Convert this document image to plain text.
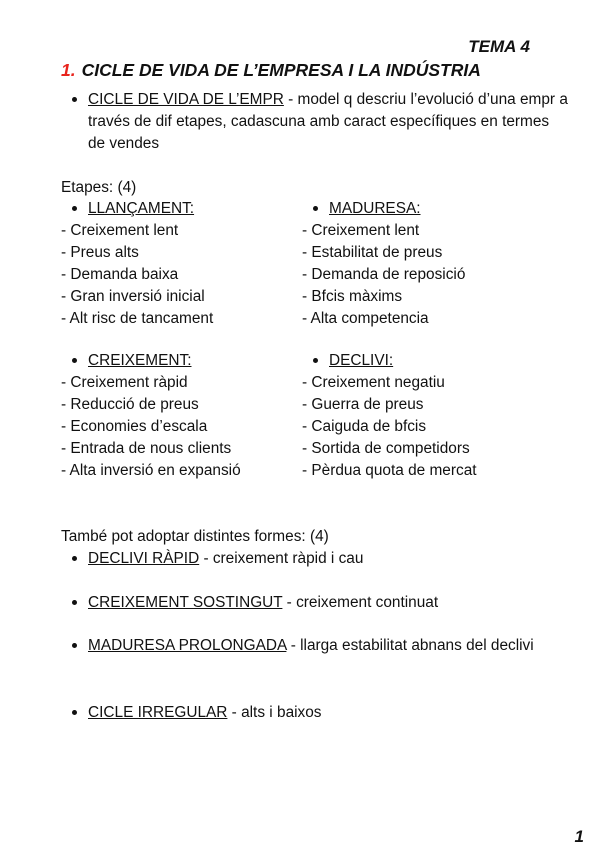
TEMA 4
1. CICLE DE VIDA DE L’EMPRESA I LA INDÚSTRIA
CICLE DE VIDA DE L’EMPR - model q descriu l’evolució d’una empr a través de dif etapes, cadascuna amb caract específiques en termes de vendes
Etapes: (4)
LLANÇAMENT:
- Creixement lent
- Preus alts
- Demanda baixa
- Gran inversió inicial
- Alt risc de tancament
MADURESA:
- Creixement lent
- Estabilitat de preus
- Demanda de reposició
- Bfcis màxims
- Alta competencia
CREIXEMENT:
- Creixement ràpid
- Reducció de preus
- Economies d’escala
- Entrada de nous clients
- Alta inversió en expansió
DECLIVI:
- Creixement negatiu
- Guerra de preus
- Caiguda de bfcis
- Sortida de competidors
- Pèrdua quota de mercat
També pot adoptar distintes formes: (4)
DECLIVI RÀPID - creixement ràpid i cau
CREIXEMENT SOSTINGUT - creixement continuat
MADURESA PROLONGADA - llarga estabilitat abnans del declivi
CICLE IRREGULAR - alts i baixos
1
